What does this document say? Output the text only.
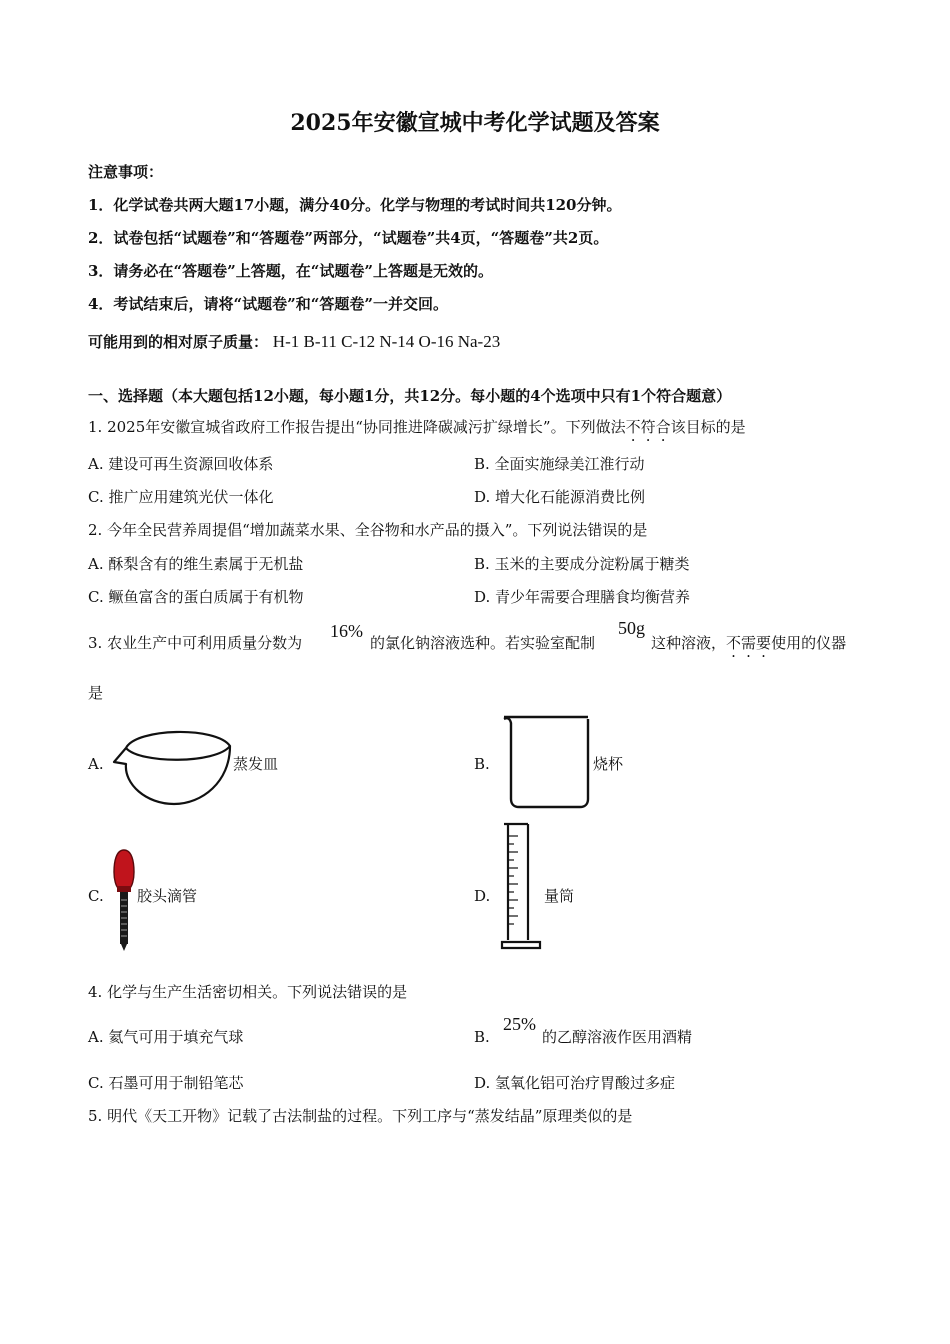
2025年安徽宣城中考化学试题及答案
注意事项：
1．化学试卷共两大题17小题，满分40分。化学与物理的考试时间共120分钟。
2．试卷包括“试题卷”和“答题卷”两部分，“试题卷”共4页，“答题卷”共2页。
3．请务必在“答题卷”上答题，在“试题卷”上答题是无效的。
4．考试结束后，请将“试题卷”和“答题卷”一并交回。
可能用到的相对原子质量： H-1 B-11 C-12 N-14 O-16 Na-23
一、选择题（本大题包括12小题，每小题1分，共12分。每小题的4个选项中只有1个符合题意）
1. 2025年安徽宣城省政府工作报告提出“协同推进降碳减污扩绿增长”。下列做法不符合该目标的是
A. 建设可再生资源回收体系	B. 全面实施绿美江淮行动
C. 推广应用建筑光伏一体化	D. 增大化石能源消费比例
2. 今年全民营养周提倡“增加蔬菜水果、全谷物和水产品的摄入”。下列说法错误的是
A. 酥梨含有的维生素属于无机盐	B. 玉米的主要成分淀粉属于糖类
C. 鳜鱼富含的蛋白质属于有机物	D. 青少年需要合理膳食均衡营养
3. 农业生产中可利用质量分数为
16%
的氯化钠溶液选种。若实验室配制
50g
这种溶液，不需要使用的仪器
是
A.	蒸发皿	B.	烧杯
C. 胶头滴管	D.	量筒
4. 化学与生产生活密切相关。下列说法错误的是
A. 氦气可用于填充气球	B.
25%
的乙醇溶液作医用酒精
C. 石墨可用于制铅笔芯	D. 氢氧化铝可治疗胃酸过多症
5. 明代《天工开物》记载了古法制盐的过程。下列工序与“蒸发结晶”原理类似的是
